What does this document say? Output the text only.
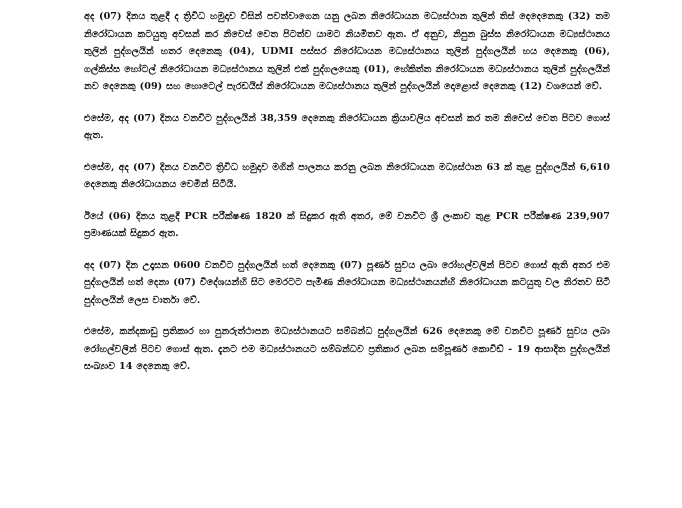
අද (07) දිනය තුළදී ද ත්‍රිවිධ හමුදාව විසින් පවත්වාගෙන යනු ලබන නිරෝධායන මධ්‍යස්ථාන තුලින් තිස් දෙදෙනෙකු (32) තම නිරෝධායන කටයුතු අවසන් කර නිවෙස් වෙත පිටත්ව යාමට නියමිතව ඇත. ඒ අනුව, නිපුන බුස්ස නිරෝධායන මධ්‍යස්ථානය තුලින් පුද්ගලයින් හතර දෙනෙකු (04), UDMI පස්සර නිරෝධායන මධ්‍යස්ථානය තුලින් පුද්ගලයින් හය දෙනෙකු (06), ගල්කිස්ස හෝටල් නිරෝධායන මධ්‍යස්ථානය තුලින් එක් පුද්ගලයෙකු (01), හේකිත්ත නිරෝධායන මධ්‍යස්ථානය තුලින් පුද්ගලයින් නව දෙනෙකු (09) සහ හොටෙල් පැරඩයිස් නිරෝධායන මධ්‍යස්ථානය තුලින් පුද්ගලයින් දොළොස් දෙනෙකු (12) වශයෙන් වේ.

එසේම, අද (07) දිනය වනවිට පුද්ගලයින් 38,359 දෙනෙකු නිරෝධායන ක්‍රියාවලිය අවසන් කර තම නිවෙස් වෙත පිටව ගොස් ඇත.

එසේම, අද (07) දිනය වනවිට ත්‍රිවිධ හමුදාව මගින් පාලනය කරනු ලබන නිරෝධායන මධ්‍යස්ථාන 63 ක් තුළ පුද්ගලයින් 6,610 දෙනෙකු නිරෝධායනය වෙමින් සිටියි.

ඊයේ (06) දිනය තුළදී PCR පරීක්ෂණ 1820 ක් සිදුකර ඇති අතර, මේ වනවිට ශ්‍රී ලංකාව තුළ PCR පරීක්ෂණ 239,907 ප්‍රමාණයක් සිදුකර ඇත.

අද (07) දින උදෑසන 0600 වනවිට පුද්ගලයින් හත් දෙනෙකු (07) පූර්ණ සුවය ලබා රෝහල්වලින් පිටව ගොස් ඇති අතර එම පුද්ගලයින් හත් දෙනා (07) විදේශයන්හි සිට මෙරටට පැමිණ නිරෝධායන මධ්‍යස්ථානයන්හි නිරෝධායන කටයුතු වල නිරතව සිටි පුද්ගලයින් ලෙස වාර්තා වේ.

එසේම, කන්දකාඩු ප්‍රතිකාර හා පුනරුත්ථාපන මධ්‍යස්ථානයට සම්බන්ධ පුද්ගලයින් 626 දෙනෙකු මේ වනවිට පූර්ණ සුවය ලබා රෝහල්වලින් පිටව ගොස් ඇත. දැනට එම මධ්‍යස්ථානයට සම්බන්ධව ප්‍රතිකාර ලබන සම්පූර්ණ කොවිඩ් - 19 ආසාදිත පුද්ගලයින් සංඛ්‍යාව 14 දෙනෙකු වේ.
